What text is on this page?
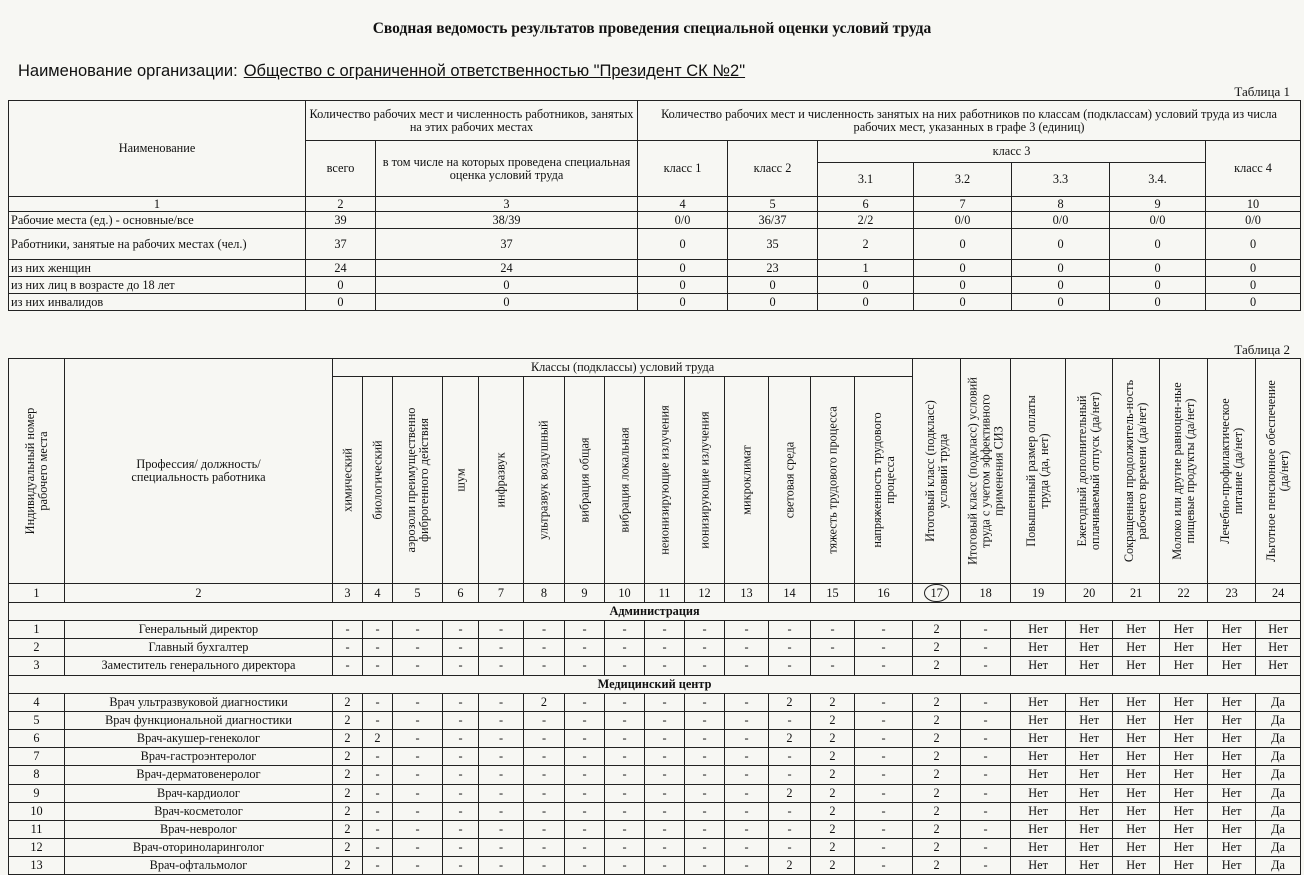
Сводная ведомость результатов проведения специальной оценки условий труда
Наименование организации: Общество с ограниченной ответственностью "Президент СК №2"
Таблица 1
Наименование	Количество рабочих мест и численность работников, занятых на этих рабочих местах		Количество рабочих мест и численность занятых на них работников по классам (подклассам) условий труда из числа рабочих мест, указанных в графе 3 (единиц)						
	всего	в том числе на которых проведена специальная оценка условий труда	класс 1	класс 2	класс 3				класс 4
					3.1	3.2	3.3	3.4.	
1	2	3	4	5	6	7	8	9	10
Рабочие места (ед.) - основные/все	39	38/39	0/0	36/37	2/2	0/0	0/0	0/0	0/0
Работники, занятые на рабочих местах (чел.)	37	37	0	35	2	0	0	0	0
из них женщин	24	24	0	23	1	0	0	0	0
из них лиц в возрасте до 18 лет	0	0	0	0	0	0	0	0	0
из них инвалидов	0	0	0	0	0	0	0	0	0
Таблица 2
Индивидуальный номер рабочего места	Профессия/ должность/ специальность работника	Классы (подклассы) условий труда														Итоговый класс (подкласс) условий труда	Итоговый класс (подкласс) условий труда с учетом эффективного применения СИЗ	Повышенный размер оплаты труда (да, нет)	Ежегодный дополнительный оплачиваемый отпуск (да/нет)	Сокращенная продолжитель-ность рабочего времени (да/нет)	Молоко или другие равноцен-ные пищевые продукты (да/нет)	Лечебно-профилактическое питание (да/нет)	Льготное пенсионное обеспечение (да/нет)

		химический	биологический	аэрозоли преимущественно фиброгенного действия	шум	инфразвук	ультразвук воздушный	вибрация общая	вибрация локальная	неионизирующие излучения	ионизирующие излучения	микроклимат	световая среда	тяжесть трудового процесса	напряженность трудового процесса								

1	2	3	4	5	6	7	8	9	10	11	12	13	14	15	16	17	18	19	20	21	22	23	24
Администрация																							
1	Генеральный директор	-	-	-	-	-	-	-	-	-	-	-	-	-	-	2	-	Нет	Нет	Нет	Нет	Нет	Нет
2	Главный бухгалтер	-	-	-	-	-	-	-	-	-	-	-	-	-	-	2	-	Нет	Нет	Нет	Нет	Нет	Нет
3	Заместитель генерального директора	-	-	-	-	-	-	-	-	-	-	-	-	-	-	2	-	Нет	Нет	Нет	Нет	Нет	Нет
Медицинский центр																							
4	Врач ультразвуковой диагностики	2	-	-	-	-	2	-	-	-	-	-	2	2	-	2	-	Нет	Нет	Нет	Нет	Нет	Да
5	Врач функциональной диагностики	2	-	-	-	-	-	-	-	-	-	-	-	2	-	2	-	Нет	Нет	Нет	Нет	Нет	Да
6	Врач-акушер-генеколог	2	2	-	-	-	-	-	-	-	-	-	2	2	-	2	-	Нет	Нет	Нет	Нет	Нет	Да
7	Врач-гастроэнтеролог	2	-	-	-	-	-	-	-	-	-	-	-	2	-	2	-	Нет	Нет	Нет	Нет	Нет	Да
8	Врач-дерматовенеролог	2	-	-	-	-	-	-	-	-	-	-	-	2	-	2	-	Нет	Нет	Нет	Нет	Нет	Да
9	Врач-кардиолог	2	-	-	-	-	-	-	-	-	-	-	2	2	-	2	-	Нет	Нет	Нет	Нет	Нет	Да
10	Врач-косметолог	2	-	-	-	-	-	-	-	-	-	-	-	2	-	2	-	Нет	Нет	Нет	Нет	Нет	Да
11	Врач-невролог	2	-	-	-	-	-	-	-	-	-	-	-	2	-	2	-	Нет	Нет	Нет	Нет	Нет	Да
12	Врач-оториноларинголог	2	-	-	-	-	-	-	-	-	-	-	-	2	-	2	-	Нет	Нет	Нет	Нет	Нет	Да
13	Врач-офтальмолог	2	-	-	-	-	-	-	-	-	-	-	2	2	-	2	-	Нет	Нет	Нет	Нет	Нет	Да
